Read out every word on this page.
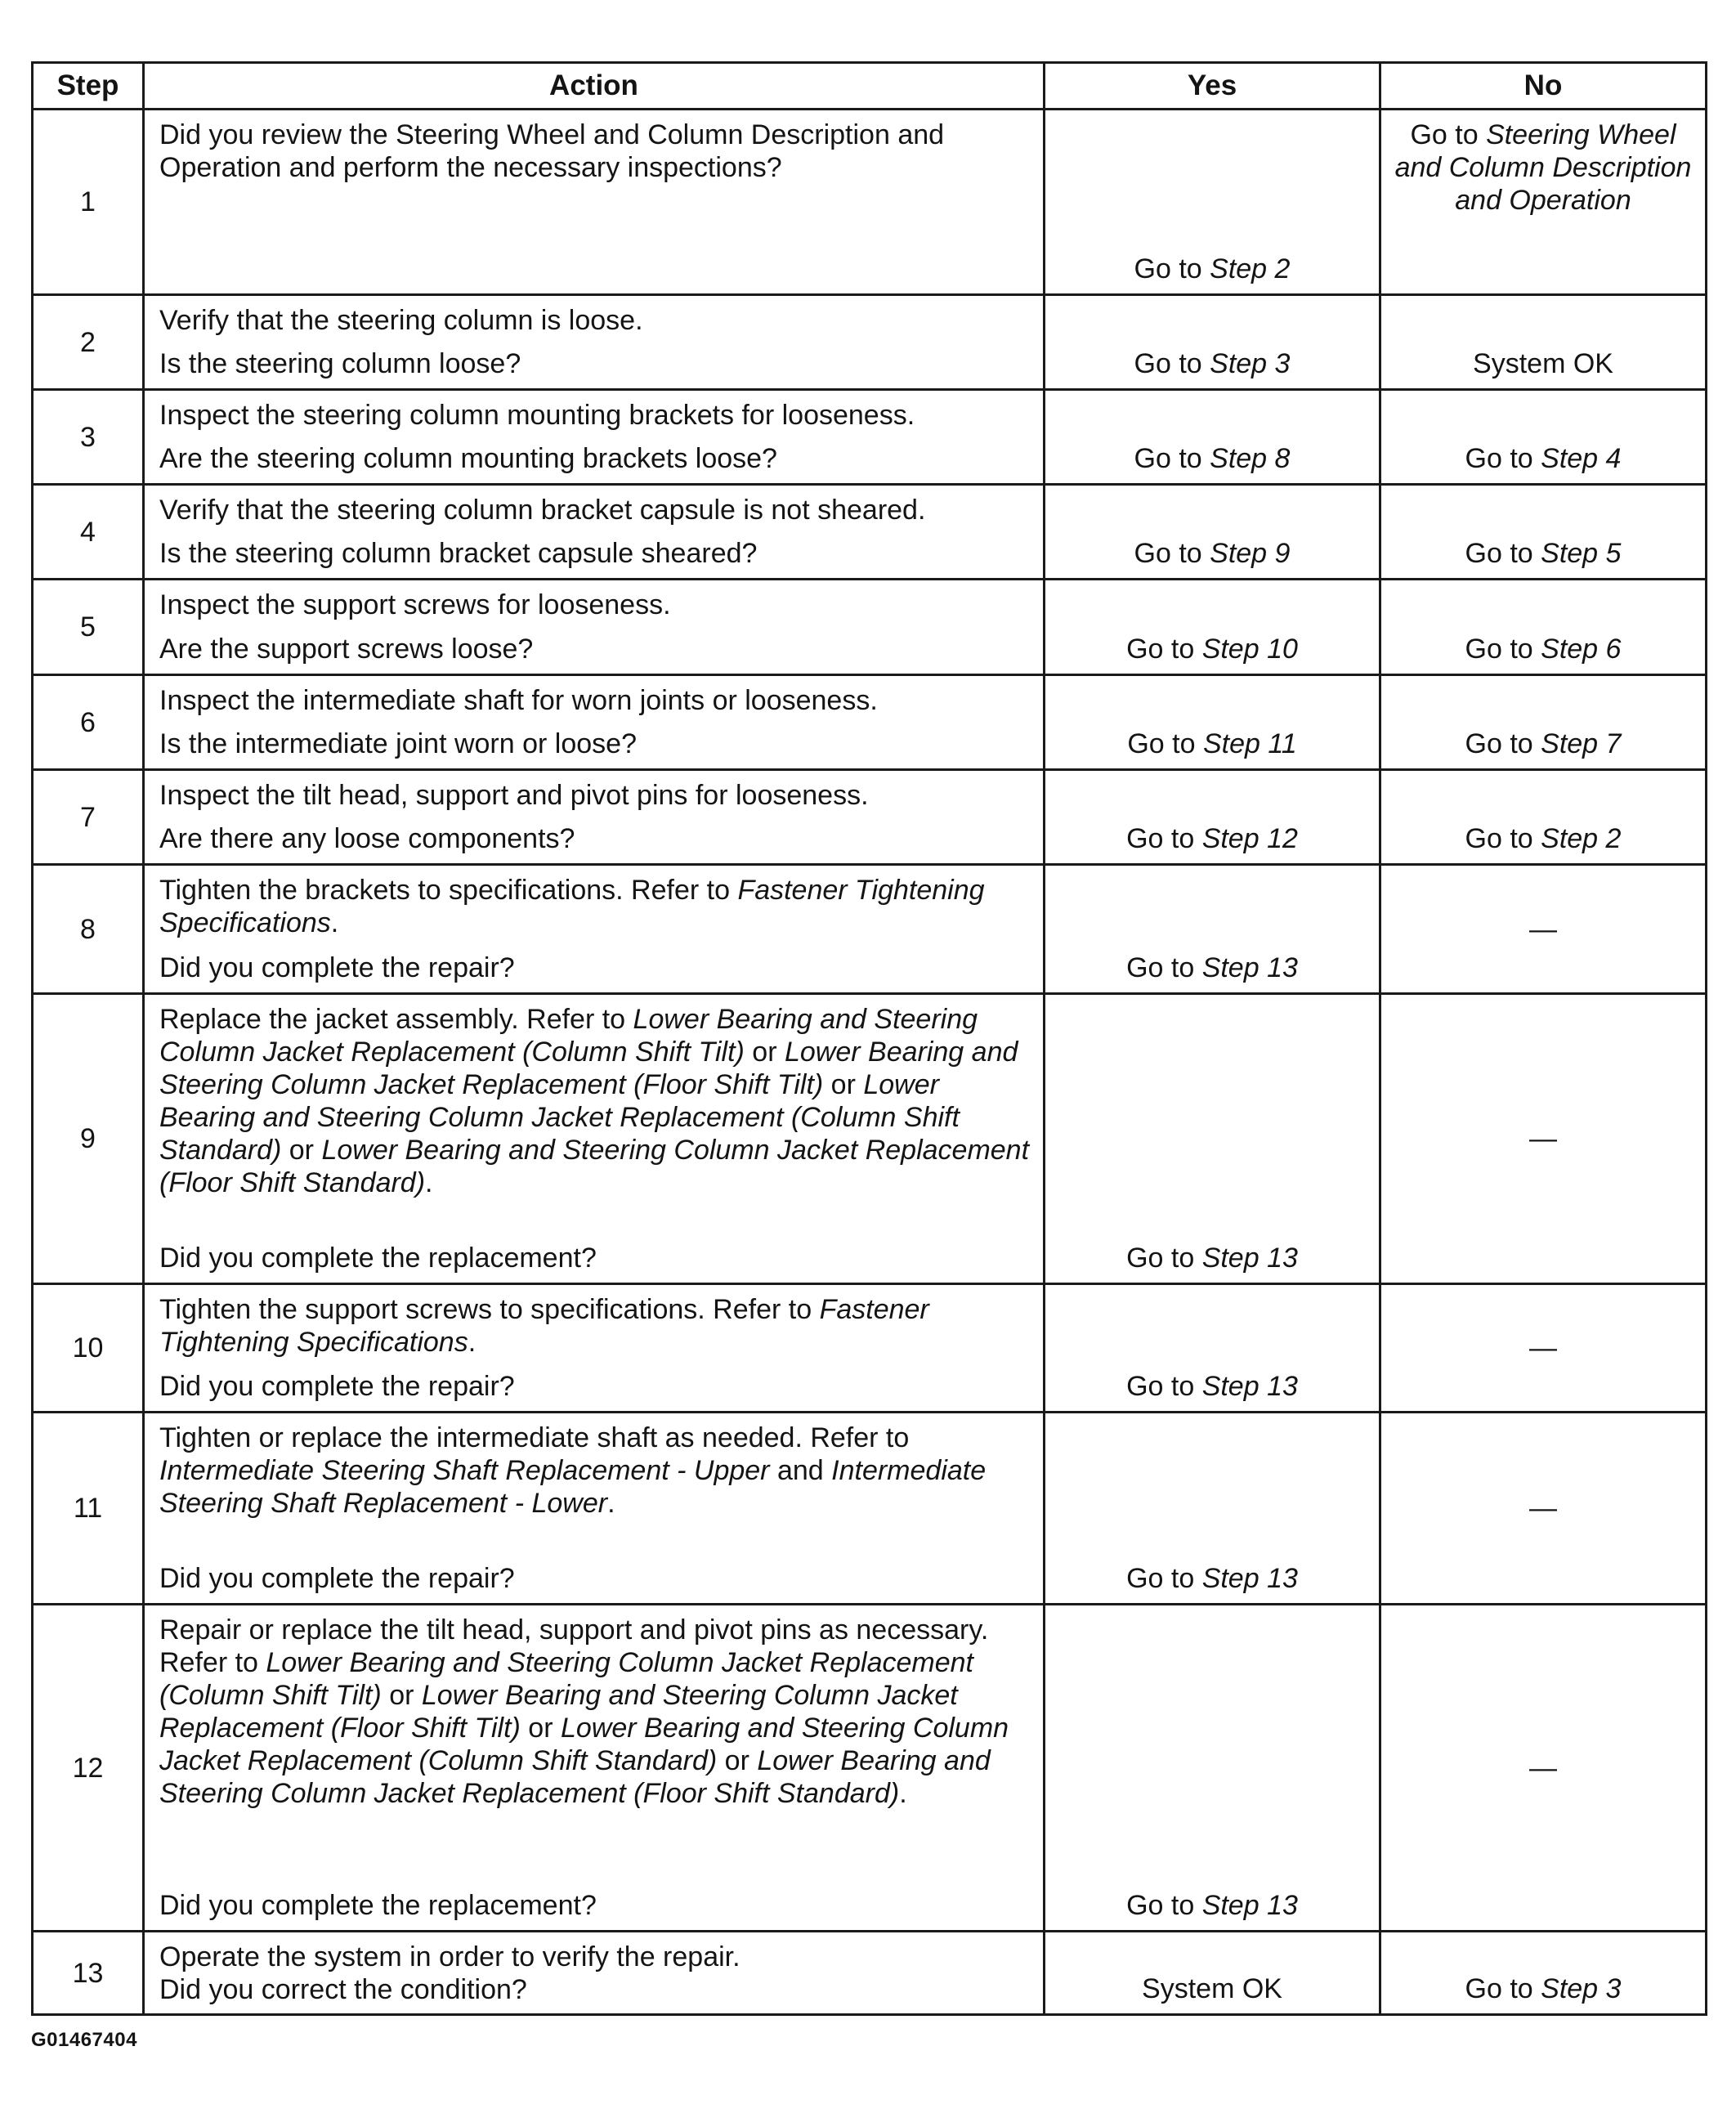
Step	Action	Yes	No
1	Did you review the Steering Wheel and Column Description and Operation and perform the necessary inspections?	Go to Step 2	Go to Steering Wheel and Column Description and Operation

2	Verify that the steering column is loose.
Is the steering column loose?	Go to Step 3	System OK

3	Inspect the steering column mounting brackets for looseness.
Are the steering column mounting brackets loose?	Go to Step 8	Go to Step 4

4	Verify that the steering column bracket capsule is not sheared.
Is the steering column bracket capsule sheared?	Go to Step 9	Go to Step 5

5	Inspect the support screws for looseness.
Are the support screws loose?	Go to Step 10	Go to Step 6

6	Inspect the intermediate shaft for worn joints or looseness.
Is the intermediate joint worn or loose?	Go to Step 11	Go to Step 7

7	Inspect the tilt head, support and pivot pins for looseness.
Are there any loose components?	Go to Step 12	Go to Step 2

8	Tighten the brackets to specifications. Refer to Fastener Tightening Specifications.
Did you complete the repair?	Go to Step 13	—

9	Replace the jacket assembly. Refer to Lower Bearing and Steering Column Jacket Replacement (Column Shift Tilt) or Lower Bearing and Steering Column Jacket Replacement (Floor Shift Tilt) or Lower Bearing and Steering Column Jacket Replacement (Column Shift Standard) or Lower Bearing and Steering Column Jacket Replacement (Floor Shift Standard).
Did you complete the replacement?	Go to Step 13	—

10	Tighten the support screws to specifications. Refer to Fastener Tightening Specifications.
Did you complete the repair?	Go to Step 13	—

11	Tighten or replace the intermediate shaft as needed. Refer to Intermediate Steering Shaft Replacement - Upper and Intermediate Steering Shaft Replacement - Lower.
Did you complete the repair?	Go to Step 13	—

12	Repair or replace the tilt head, support and pivot pins as necessary. Refer to Lower Bearing and Steering Column Jacket Replacement (Column Shift Tilt) or Lower Bearing and Steering Column Jacket Replacement (Floor Shift Tilt) or Lower Bearing and Steering Column Jacket Replacement (Column Shift Standard) or Lower Bearing and Steering Column Jacket Replacement (Floor Shift Standard).
Did you complete the replacement?	Go to Step 13	—

13	Operate the system in order to verify the repair.
Did you correct the condition?	System OK	Go to Step 3
G01467404
